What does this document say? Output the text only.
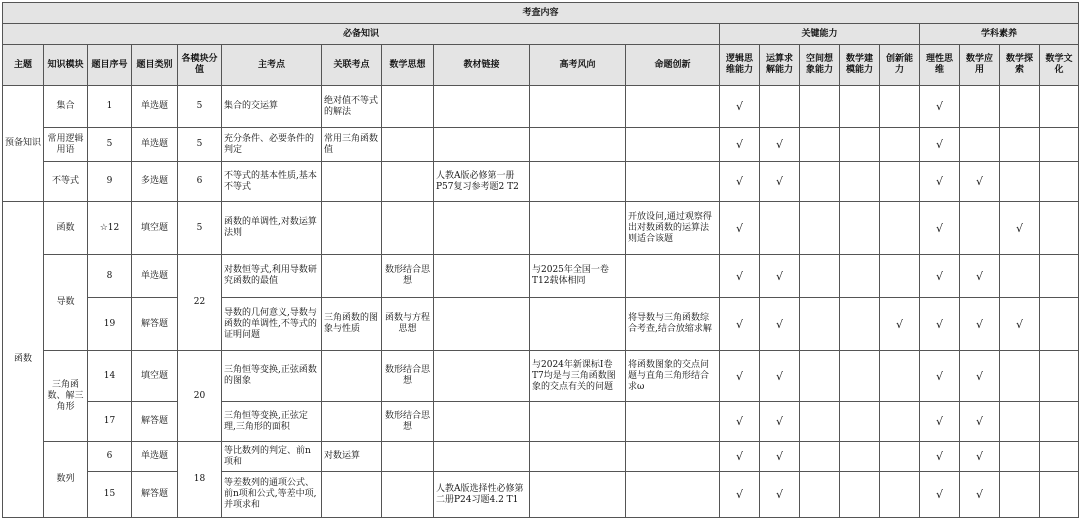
考查内容																			
必备知识											关键能力					学科素养			
主题	知识模块	题目序号	题目类别	各模块分值	主考点	关联考点	数学思想	教材链接	高考风向	命题创新	逻辑思维能力	运算求解能力	空间想象能力	数学建模能力	创新能力	理性思维	数学应用	数学探索	数学文化
预备知识	集合	1	单选题	5	集合的交运算	绝对值不等式的解法					√					√			
	常用逻辑用语	5	单选题	5	充分条件、必要条件的判定	常用三角函数值					√	√				√			
	不等式	9	多选题	6	不等式的基本性质,基本不等式			人教A版必修第一册P57复习参考题2 T2			√	√				√	√		
函数	函数	☆12	填空题	5	函数的单调性,对数运算法则					开放设问,通过观察得出对数函数的运算法则适合该题	√					√		√	
	导数	8	单选题	22	对数恒等式,利用导数研究函数的最值		数形结合思想		与2025年全国一卷T12载体相同		√	√				√	√		
		19	解答题		导数的几何意义,导数与函数的单调性,不等式的证明问题	三角函数的图象与性质	函数与方程思想			将导数与三角函数综合考查,结合放缩求解	√	√			√	√	√	√	
	三角函数、解三角形	14	填空题	20	三角恒等变换,正弦函数的图象		数形结合思想		与2024年新课标Ⅰ卷T7均是与三角函数图象的交点有关的问题	将函数图象的交点问题与直角三角形结合求ω	√	√				√	√		
		17	解答题		三角恒等变换,正弦定理,三角形的面积		数形结合思想				√	√				√	√		
	数列	6	单选题	18	等比数列的判定、前n项和	对数运算					√	√				√	√		
		15	解答题		等差数列的通项公式、前n项和公式,等差中项,并项求和			人教A版选择性必修第二册P24习题4.2 T1			√	√				√	√		
